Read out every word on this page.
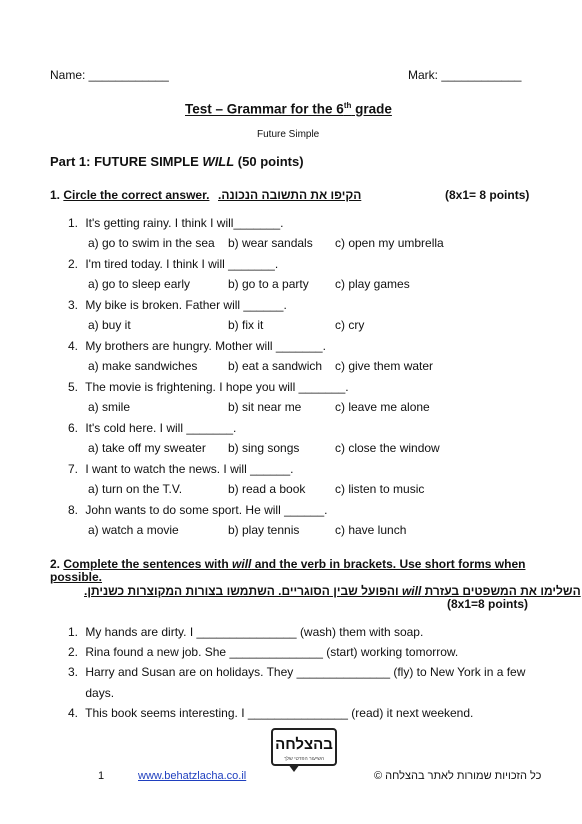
Name: ____________	Mark: ____________
Test – Grammar for the 6th grade
Future Simple
Part 1: FUTURE SIMPLE WILL (50 points)
1. Circle the correct answer. הקיפו את התשובה הנכונה.	(8x1= 8 points)
1. It's getting rainy. I think I will_______.
a) go to swim in the sea b) wear sandals c) open my umbrella
2. I'm tired today. I think I will _______.
a) go to sleep early	b) go to a party c) play games
3. My bike is broken. Father will ______.
a) buy it	b) fix it	c) cry
4. My brothers are hungry. Mother will _______.
a) make sandwiches	b) eat a sandwich c) give them water
5. The movie is frightening. I hope you will _______.
a) smile	b) sit near me	c) leave me alone
6. It's cold here. I will _______.
a) take off my sweater b) sing songs	c) close the window
7. I want to watch the news. I will ______.
a) turn on the T.V.	b) read a book c) listen to music
8. John wants to do some sport. He will ______.
a) watch a movie	b) play tennis	c) have lunch
2. Complete the sentences with will and the verb in brackets. Use short forms when
possible.
השלימו את המשפטים בעזרת will והפועל שבין הסוגריים. השתמשו בצורות המקוצרות כשניתן.
(8x1=8 points)
1. My hands are dirty. I _______________ (wash) them with soap.
2. Rina found a new job. She ______________ (start) working tomorrow.
3. Harry and Susan are on holidays. They ______________ (fly) to New York in a few
days.
4. This book seems interesting. I _______________ (read) it next weekend.
בהצלחה
השיעור הפרטי שלך
1	www.behatzlacha.co.il	כל הזכויות שמורות לאתר בהצלחה ©
